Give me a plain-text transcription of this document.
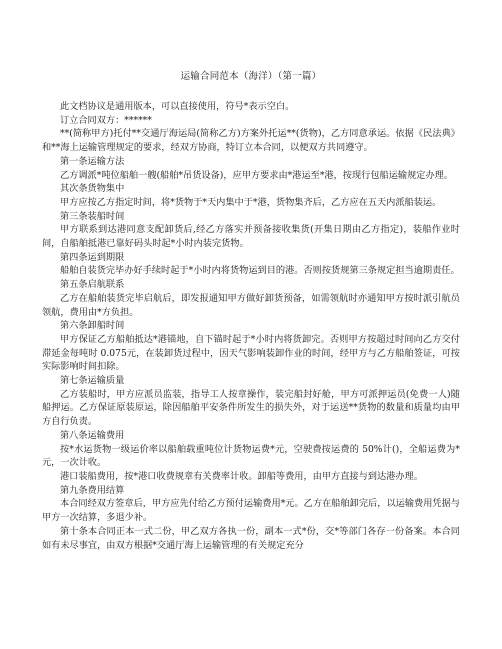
运输合同范本（海洋）（第一篇）

此文档协议是通用版本，可以直接使用，符号*表示空白。

订立合同双方：******

**(简称甲方)托付**交通厅海运局(简称乙方)方案外托运**(货物)，乙方同意承运。依据《民法典》和**海上运输管理规定的要求，经双方协商，特订立本合同，以便双方共同遵守。

第一条运输方法

乙方调派*吨位船舶一艘(船舶*吊货设备)，应甲方要求由*港运至*港，按现行包船运输规定办理。

其次条货物集中

甲方应按乙方指定时间，将*货物于*天内集中于*港，货物集齐后，乙方应在五天内派船装运。

第三条装船时间

甲方联系到达港同意支配卸货后,经乙方落实并预备接收集货(开集日期由乙方指定)，装船作业时间，自船舶抵港已靠好码头时起*小时内装完货物。

第四条运到期限

船舶自装货完毕办好手续时起于*小时内将货物运到目的港。否则按货规第三条规定担当逾期责任。

第五条启航联系

乙方在船舶装货完毕启航后，即发报通知甲方做好卸货预备，如需领航时亦通知甲方按时派引航员领航，费用由*方负担。

第六条卸船时间

甲方保证乙方船舶抵达*港锚地，自下锚时起于*小时内将货卸完。否则甲方按超过时间向乙方交付滞延金每吨时 0.075元，在装卸货过程中，因天气影响装卸作业的时间，经甲方与乙方船舶签证，可按实际影响时间扣除。

第七条运输质量

乙方装船时，甲方应派员监装，指导工人按章操作，装完船封好舱，甲方可派押运员(免费一人)随船押运。乙方保证原装原运，除因船舶平安条件所发生的损失外，对于运送**货物的数量和质量均由甲方自行负责。

第八条运输费用

按*水运货物一级运价率以船舶载重吨位计货物运费*元，空驶费按运费的 50%计()，全船运费为*元，一次计收。

港口装船费用，按*港口收费规章有关费率计收。卸船等费用，由甲方直接与到达港办理。

第九条费用结算

本合同经双方签章后，甲方应先付给乙方预付运输费用*元。乙方在船舶卸完后，以运输费用凭据与甲方一次结算，多退少补。

第十条本合同正本一式二份，甲乙双方各执一份，副本一式*份，交*等部门各存一份备案。本合同如有未尽事宜，由双方根据*交通厅海上运输管理的有关规定充分
